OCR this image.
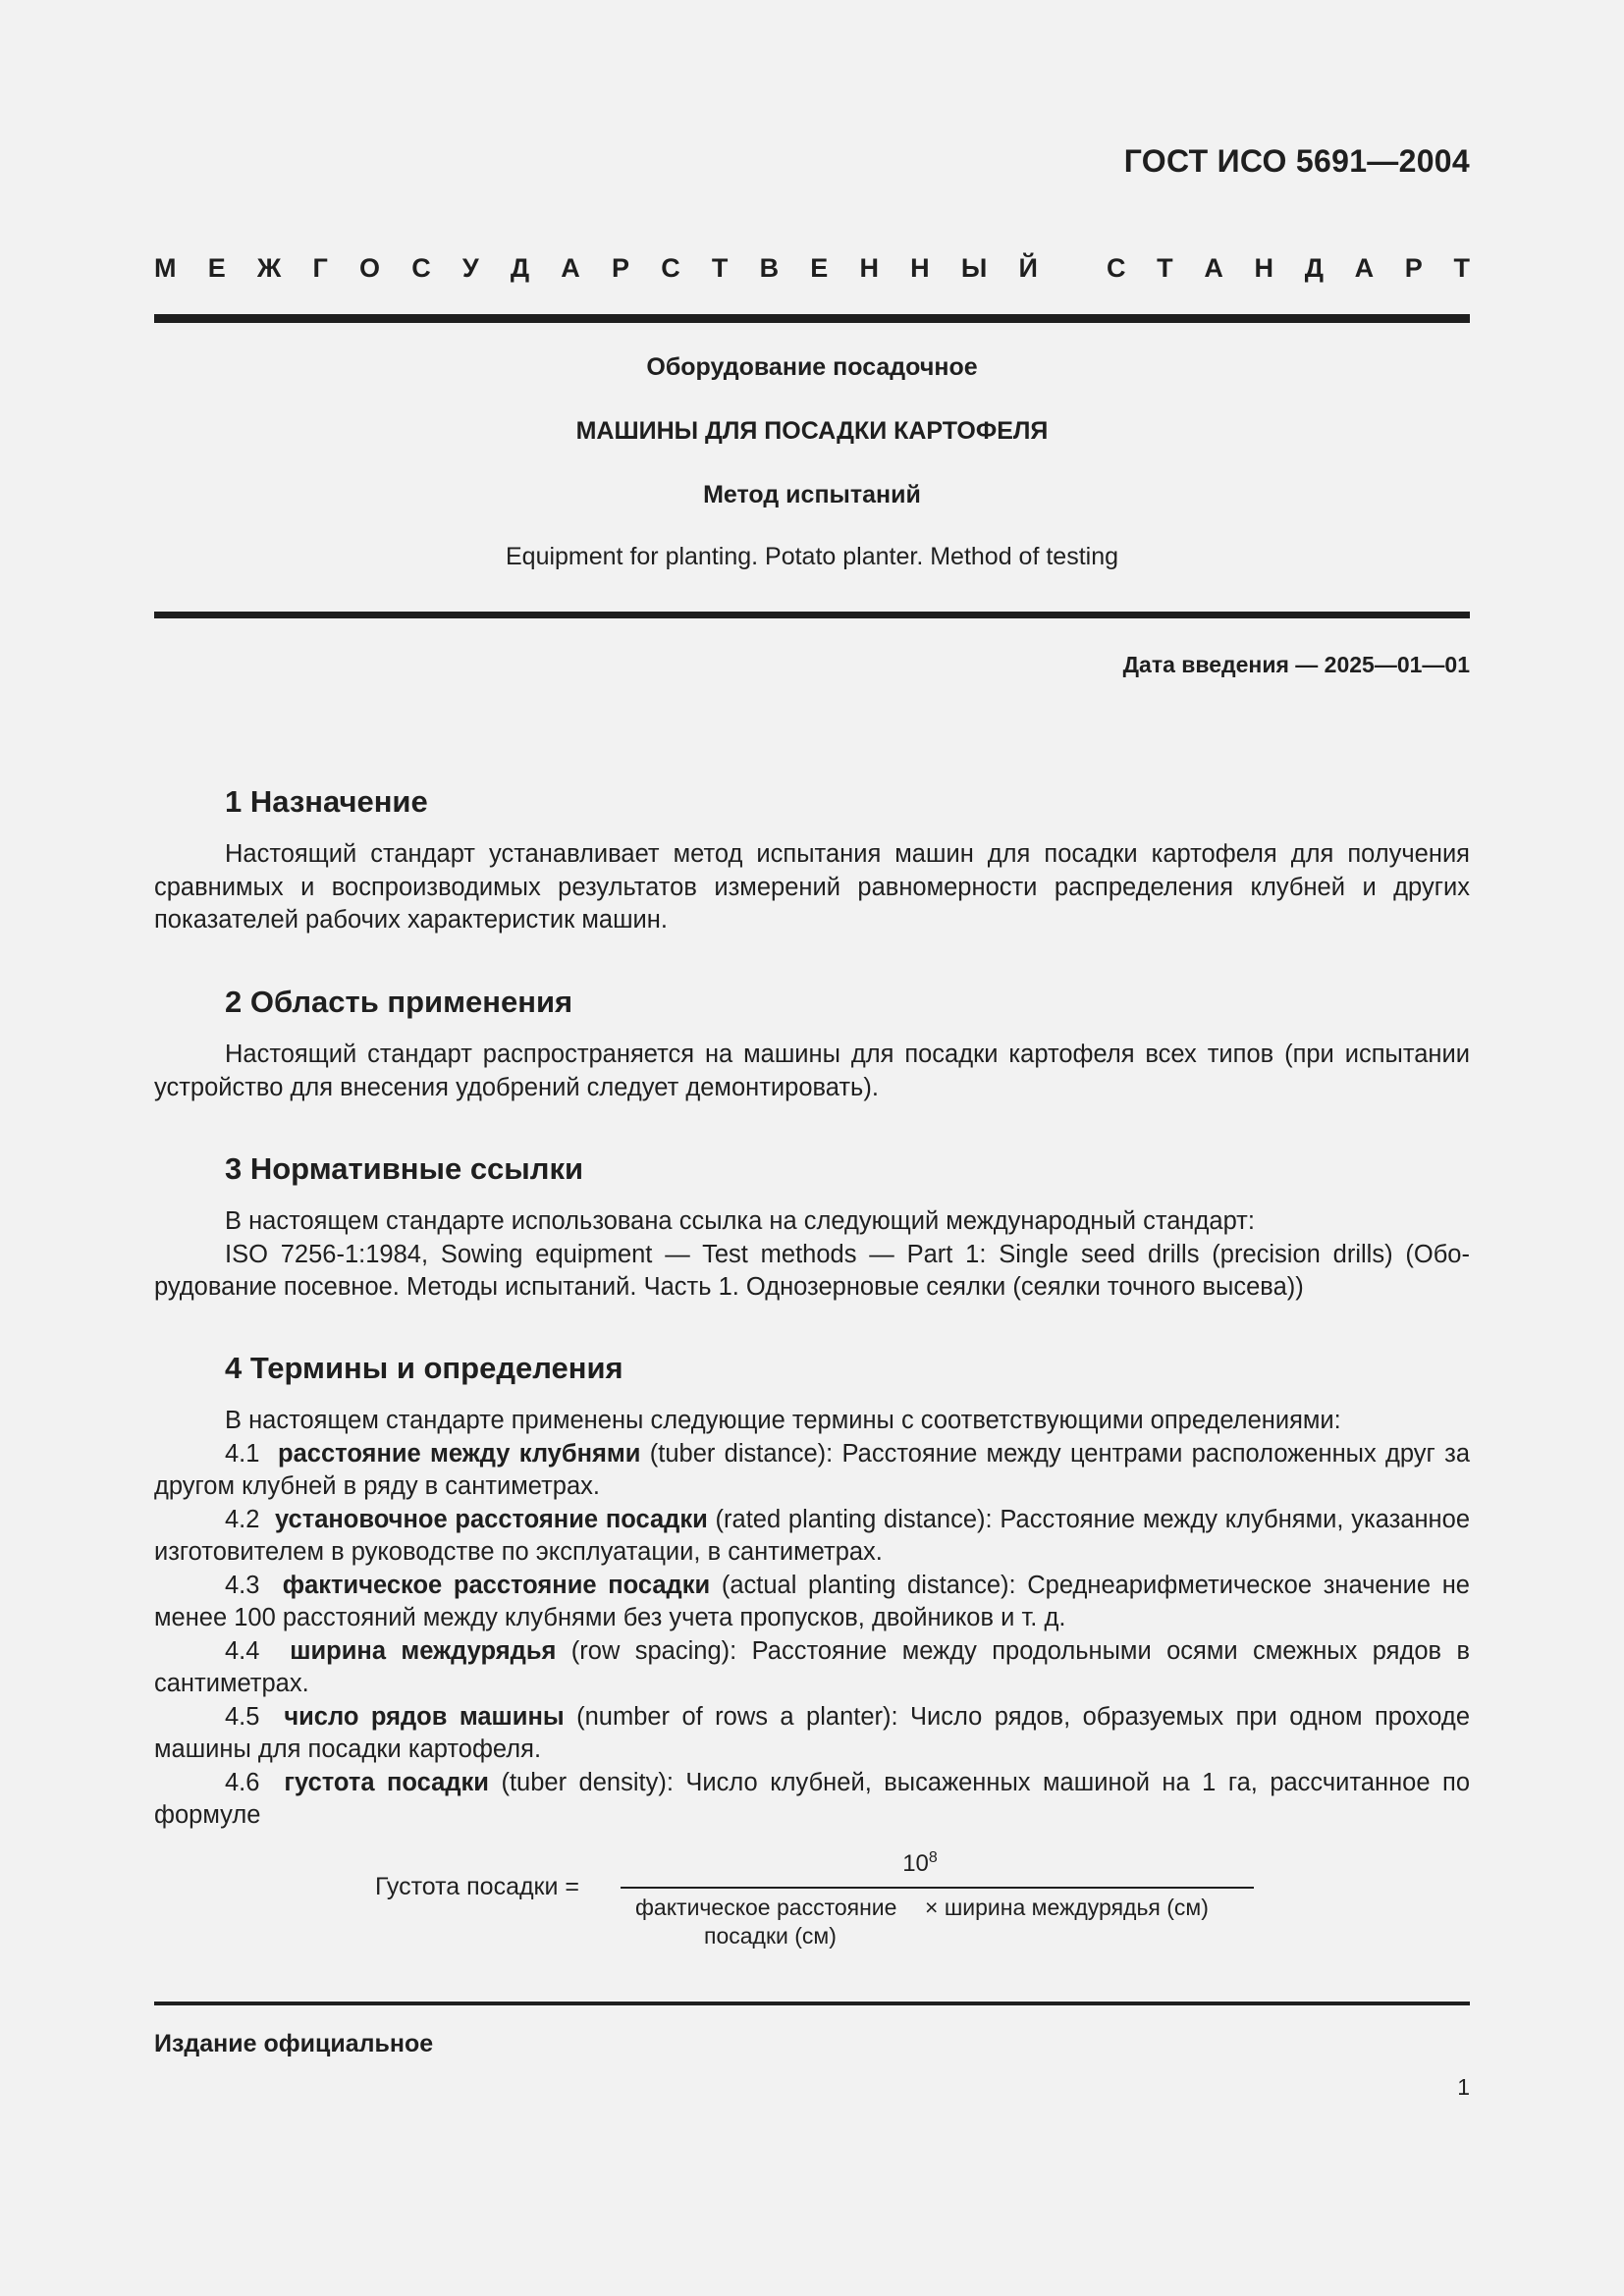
ГОСТ ИСО 5691—2004

М Е Ж Г О С У Д А Р С Т В Е Н Н Ы Й	С Т А Н Д А Р Т

Оборудование посадочное

МАШИНЫ ДЛЯ ПОСАДКИ КАРТОФЕЛЯ

Метод испытаний

Equipment for planting. Potato planter. Method of testing

Дата введения — 2025—01—01

1 Назначение

Настоящий стандарт устанавливает метод испытания машин для посадки картофеля для получения сравнимых и воспроизводимых результатов измерений равномерности распределения клубней и других показателей рабочих характеристик машин.

2 Область применения

Настоящий стандарт распространяется на машины для посадки картофеля всех типов (при испытании устройство для внесения удобрений следует демонтировать).

3 Нормативные ссылки

В настоящем стандарте использована ссылка на следующий международный стандарт:

ISO 7256-1:1984, Sowing equipment — Test methods — Part 1: Single seed drills (precision drills) (Оборудование посевное. Методы испытаний. Часть 1. Однозерновые сеялки (сеялки точного высева))

4 Термины и определения

В настоящем стандарте применены следующие термины с соответствующими определениями:

4.1 расстояние между клубнями (tuber distance): Расстояние между центрами расположенных друг за другом клубней в ряду в сантиметрах.

4.2 установочное расстояние посадки (rated planting distance): Расстояние между клубнями, указанное изготовителем в руководстве по эксплуатации, в сантиметрах.

4.3 фактическое расстояние посадки (actual planting distance): Среднеарифметическое значение не менее 100 расстояний между клубнями без учета пропусков, двойников и т. д.

4.4 ширина междурядья (row spacing): Расстояние между продольными осями смежных рядов в сантиметрах.

4.5 число рядов машины (number of rows a planter): Число рядов, образуемых при одном проходе машины для посадки картофеля.

4.6 густота посадки (tuber density): Число клубней, высаженных машиной на 1 га, рассчитанное по формуле

Густота посадки =
$10^8$
фактическое расстояние × ширина междурядья (см)
посадки (см)

Издание официальное

1
